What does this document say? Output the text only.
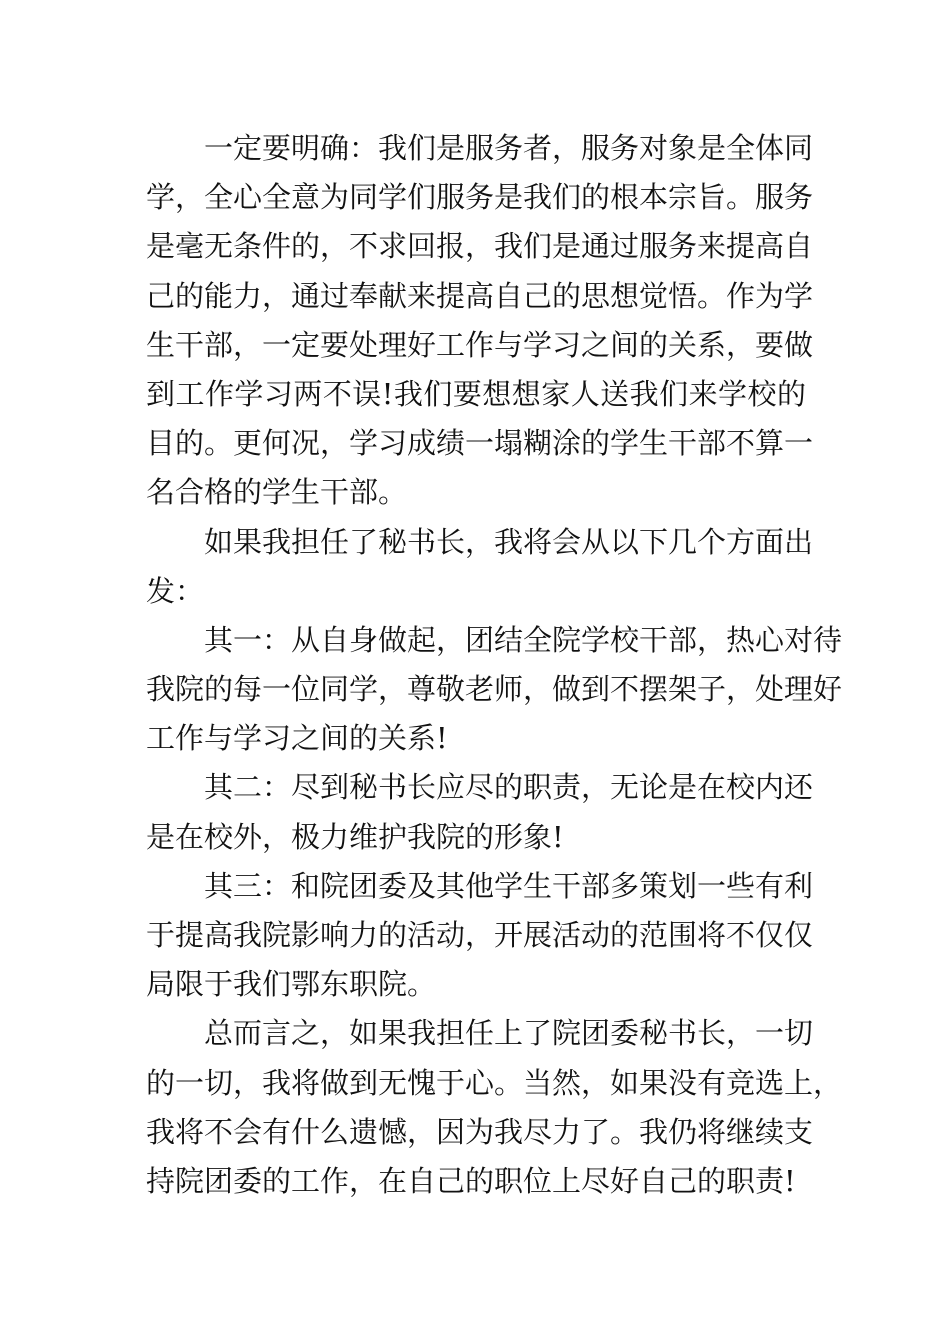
一定要明确：我们是服务者，服务对象是全体同
学，全心全意为同学们服务是我们的根本宗旨。服务
是毫无条件的，不求回报，我们是通过服务来提高自
己的能力，通过奉献来提高自己的思想觉悟。作为学
生干部，一定要处理好工作与学习之间的关系，要做
到工作学习两不误!我们要想想家人送我们来学校的
目的。更何况，学习成绩一塌糊涂的学生干部不算一
名合格的学生干部。
如果我担任了秘书长，我将会从以下几个方面出
发：
其一：从自身做起，团结全院学校干部，热心对待
我院的每一位同学，尊敬老师，做到不摆架子，处理好
工作与学习之间的关系!
其二：尽到秘书长应尽的职责，无论是在校内还
是在校外，极力维护我院的形象!
其三：和院团委及其他学生干部多策划一些有利
于提高我院影响力的活动，开展活动的范围将不仅仅
局限于我们鄂东职院。
总而言之，如果我担任上了院团委秘书长，一切
的一切，我将做到无愧于心。当然，如果没有竞选上，
我将不会有什么遗憾，因为我尽力了。我仍将继续支
持院团委的工作，在自己的职位上尽好自己的职责!
